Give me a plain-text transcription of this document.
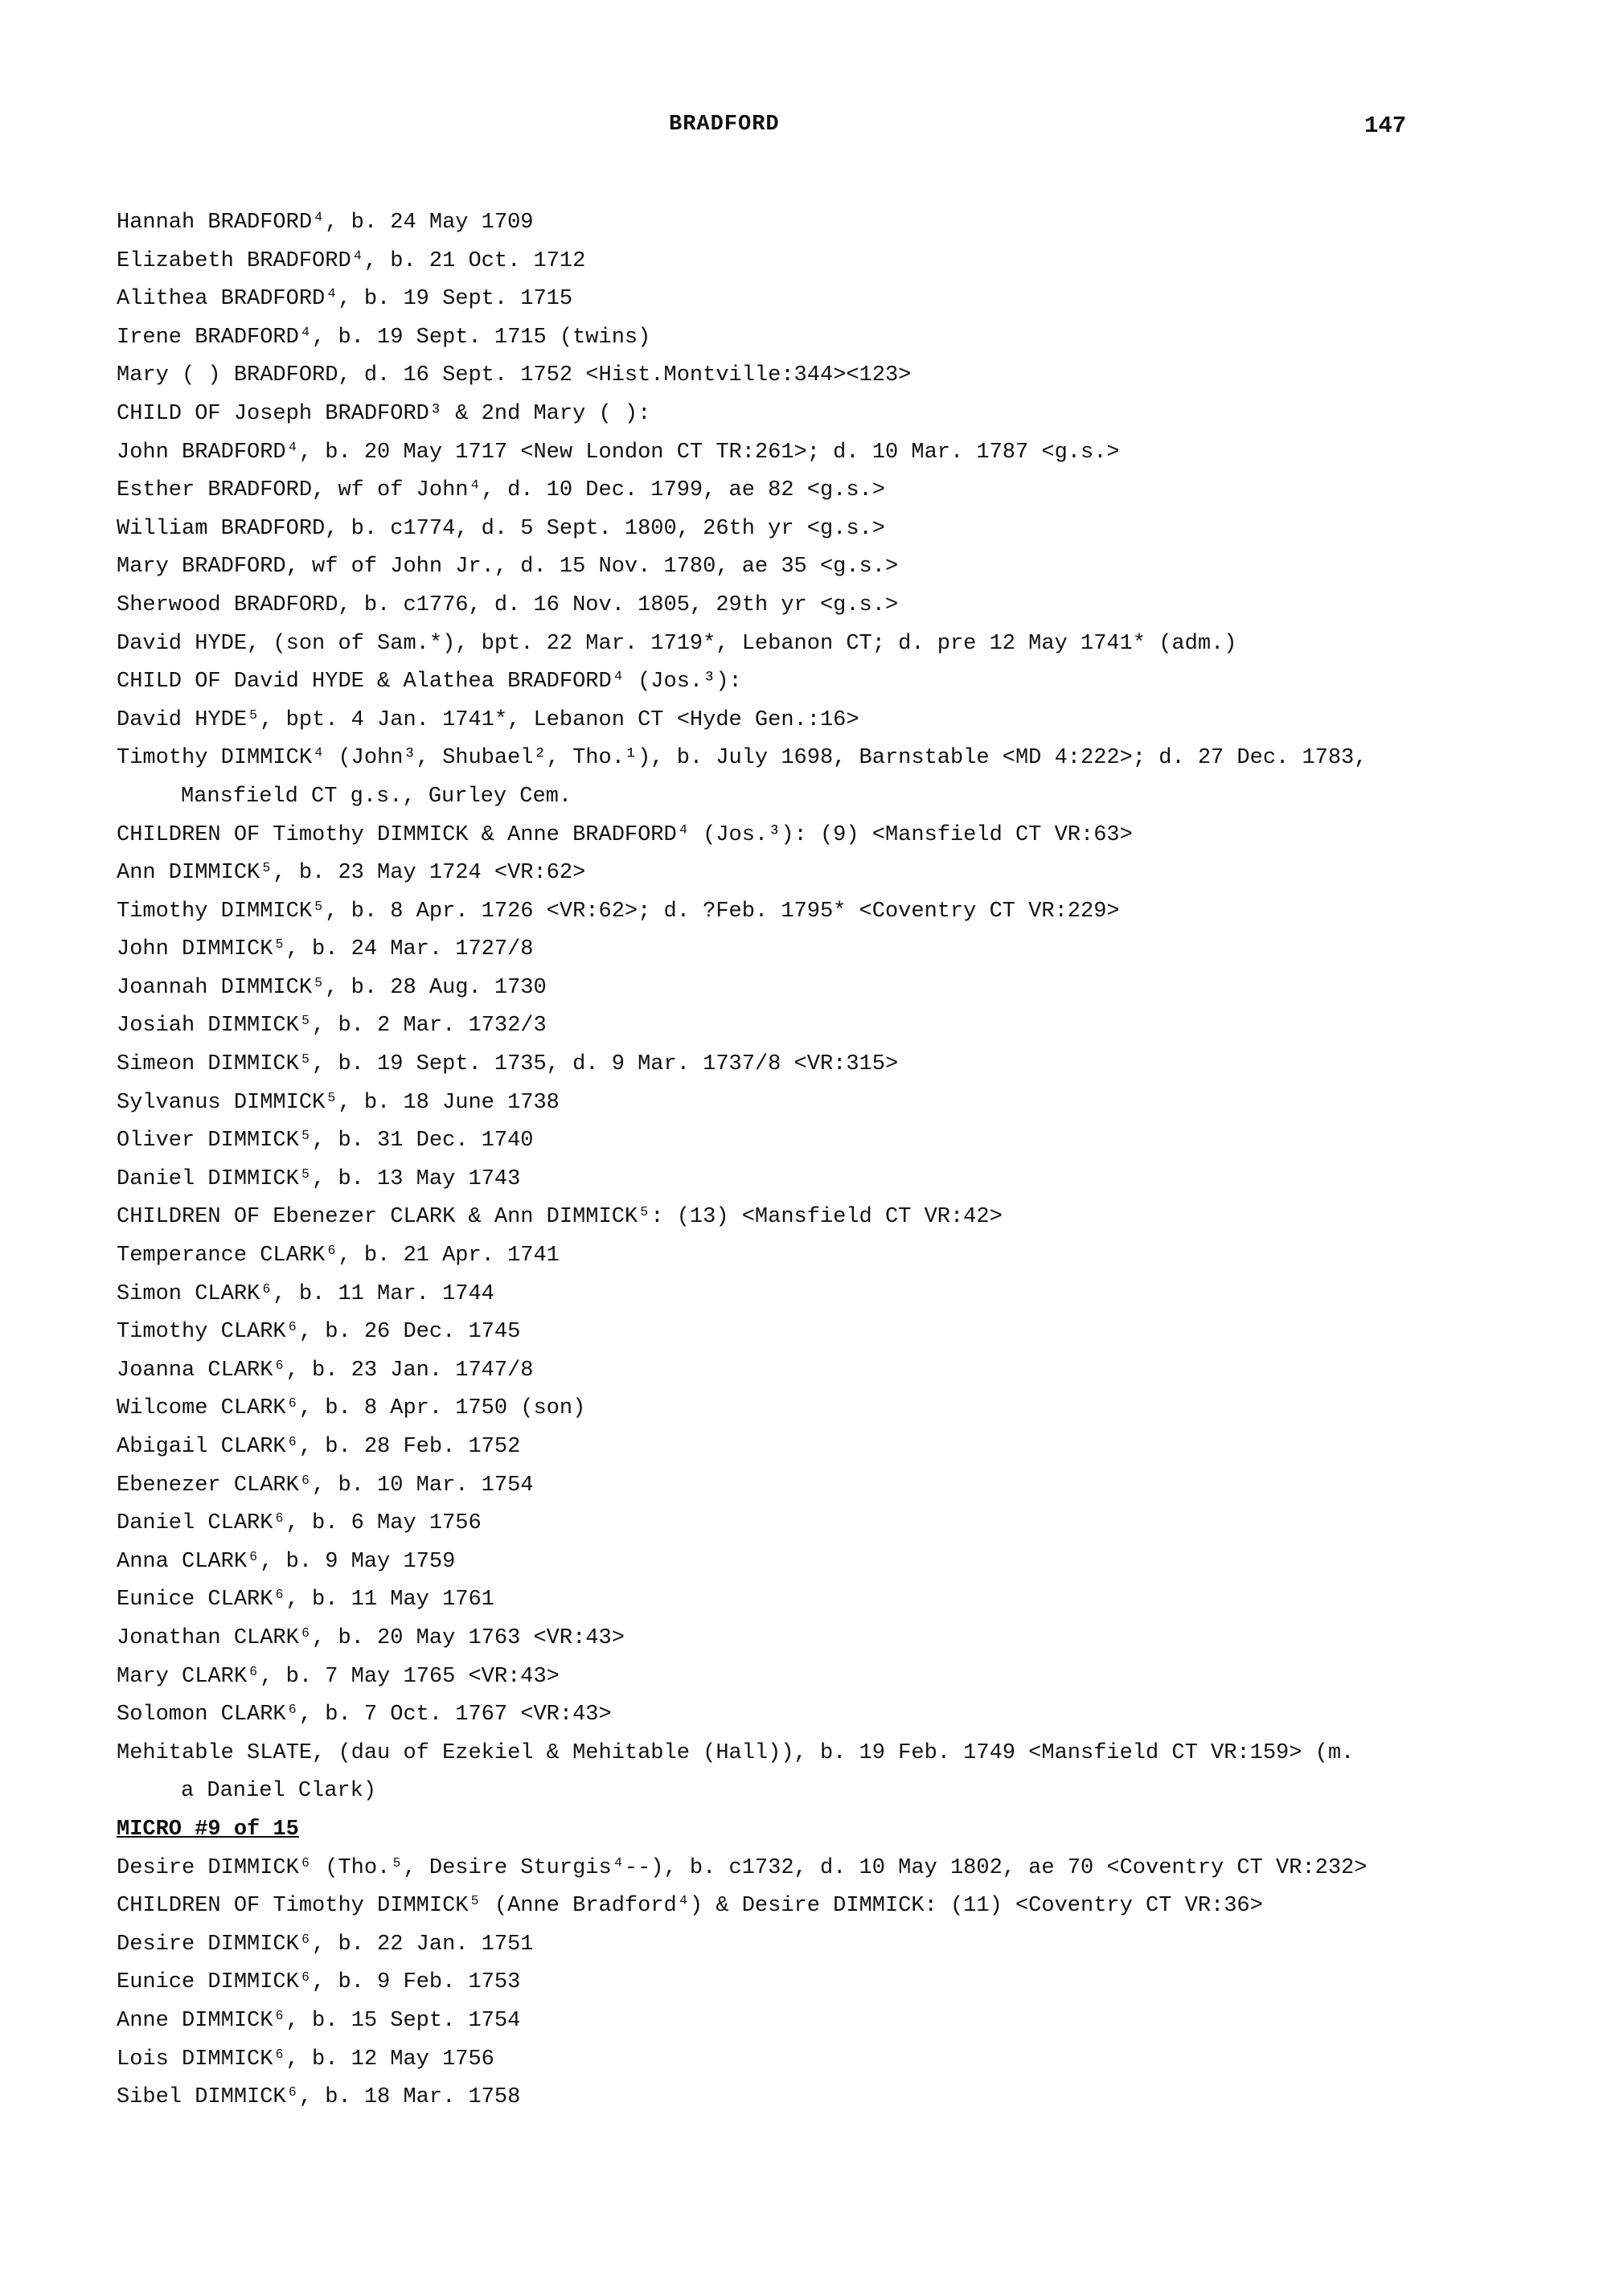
BRADFORD	147
Hannah BRADFORD⁴, b. 24 May 1709
Elizabeth BRADFORD⁴, b. 21 Oct. 1712
Alithea BRADFORD⁴, b. 19 Sept. 1715
Irene BRADFORD⁴, b. 19 Sept. 1715 (twins)
Mary ( ) BRADFORD, d. 16 Sept. 1752 <Hist.Montville:344><123>
CHILD OF Joseph BRADFORD³ & 2nd Mary ( ):
John BRADFORD⁴, b. 20 May 1717 <New London CT TR:261>; d. 10 Mar. 1787 <g.s.>
Esther BRADFORD, wf of John⁴, d. 10 Dec. 1799, ae 82 <g.s.>
William BRADFORD, b. c1774, d. 5 Sept. 1800, 26th yr <g.s.>
Mary BRADFORD, wf of John Jr., d. 15 Nov. 1780, ae 35 <g.s.>
Sherwood BRADFORD, b. c1776, d. 16 Nov. 1805, 29th yr <g.s.>
David HYDE, (son of Sam.*), bpt. 22 Mar. 1719*, Lebanon CT; d. pre 12 May 1741* (adm.)
CHILD OF David HYDE & Alathea BRADFORD⁴ (Jos.³):
David HYDE⁵, bpt. 4 Jan. 1741*, Lebanon CT <Hyde Gen.:16>
Timothy DIMMICK⁴ (John³, Shubael², Tho.¹), b. July 1698, Barnstable <MD 4:222>; d. 27 Dec. 1783,
Mansfield CT g.s., Gurley Cem.
CHILDREN OF Timothy DIMMICK & Anne BRADFORD⁴ (Jos.³): (9) <Mansfield CT VR:63>
Ann DIMMICK⁵, b. 23 May 1724 <VR:62>
Timothy DIMMICK⁵, b. 8 Apr. 1726 <VR:62>; d. ?Feb. 1795* <Coventry CT VR:229>
John DIMMICK⁵, b. 24 Mar. 1727/8
Joannah DIMMICK⁵, b. 28 Aug. 1730
Josiah DIMMICK⁵, b. 2 Mar. 1732/3
Simeon DIMMICK⁵, b. 19 Sept. 1735, d. 9 Mar. 1737/8 <VR:315>
Sylvanus DIMMICK⁵, b. 18 June 1738
Oliver DIMMICK⁵, b. 31 Dec. 1740
Daniel DIMMICK⁵, b. 13 May 1743
CHILDREN OF Ebenezer CLARK & Ann DIMMICK⁵: (13) <Mansfield CT VR:42>
Temperance CLARK⁶, b. 21 Apr. 1741
Simon CLARK⁶, b. 11 Mar. 1744
Timothy CLARK⁶, b. 26 Dec. 1745
Joanna CLARK⁶, b. 23 Jan. 1747/8
Wilcome CLARK⁶, b. 8 Apr. 1750 (son)
Abigail CLARK⁶, b. 28 Feb. 1752
Ebenezer CLARK⁶, b. 10 Mar. 1754
Daniel CLARK⁶, b. 6 May 1756
Anna CLARK⁶, b. 9 May 1759
Eunice CLARK⁶, b. 11 May 1761
Jonathan CLARK⁶, b. 20 May 1763 <VR:43>
Mary CLARK⁶, b. 7 May 1765 <VR:43>
Solomon CLARK⁶, b. 7 Oct. 1767 <VR:43>
Mehitable SLATE, (dau of Ezekiel & Mehitable (Hall)), b. 19 Feb. 1749 <Mansfield CT VR:159> (m.
a Daniel Clark)
MICRO #9 of 15
Desire DIMMICK⁶ (Tho.⁵, Desire Sturgis⁴--), b. c1732, d. 10 May 1802, ae 70 <Coventry CT VR:232>
CHILDREN OF Timothy DIMMICK⁵ (Anne Bradford⁴) & Desire DIMMICK: (11) <Coventry CT VR:36>
Desire DIMMICK⁶, b. 22 Jan. 1751
Eunice DIMMICK⁶, b. 9 Feb. 1753
Anne DIMMICK⁶, b. 15 Sept. 1754
Lois DIMMICK⁶, b. 12 May 1756
Sibel DIMMICK⁶, b. 18 Mar. 1758
